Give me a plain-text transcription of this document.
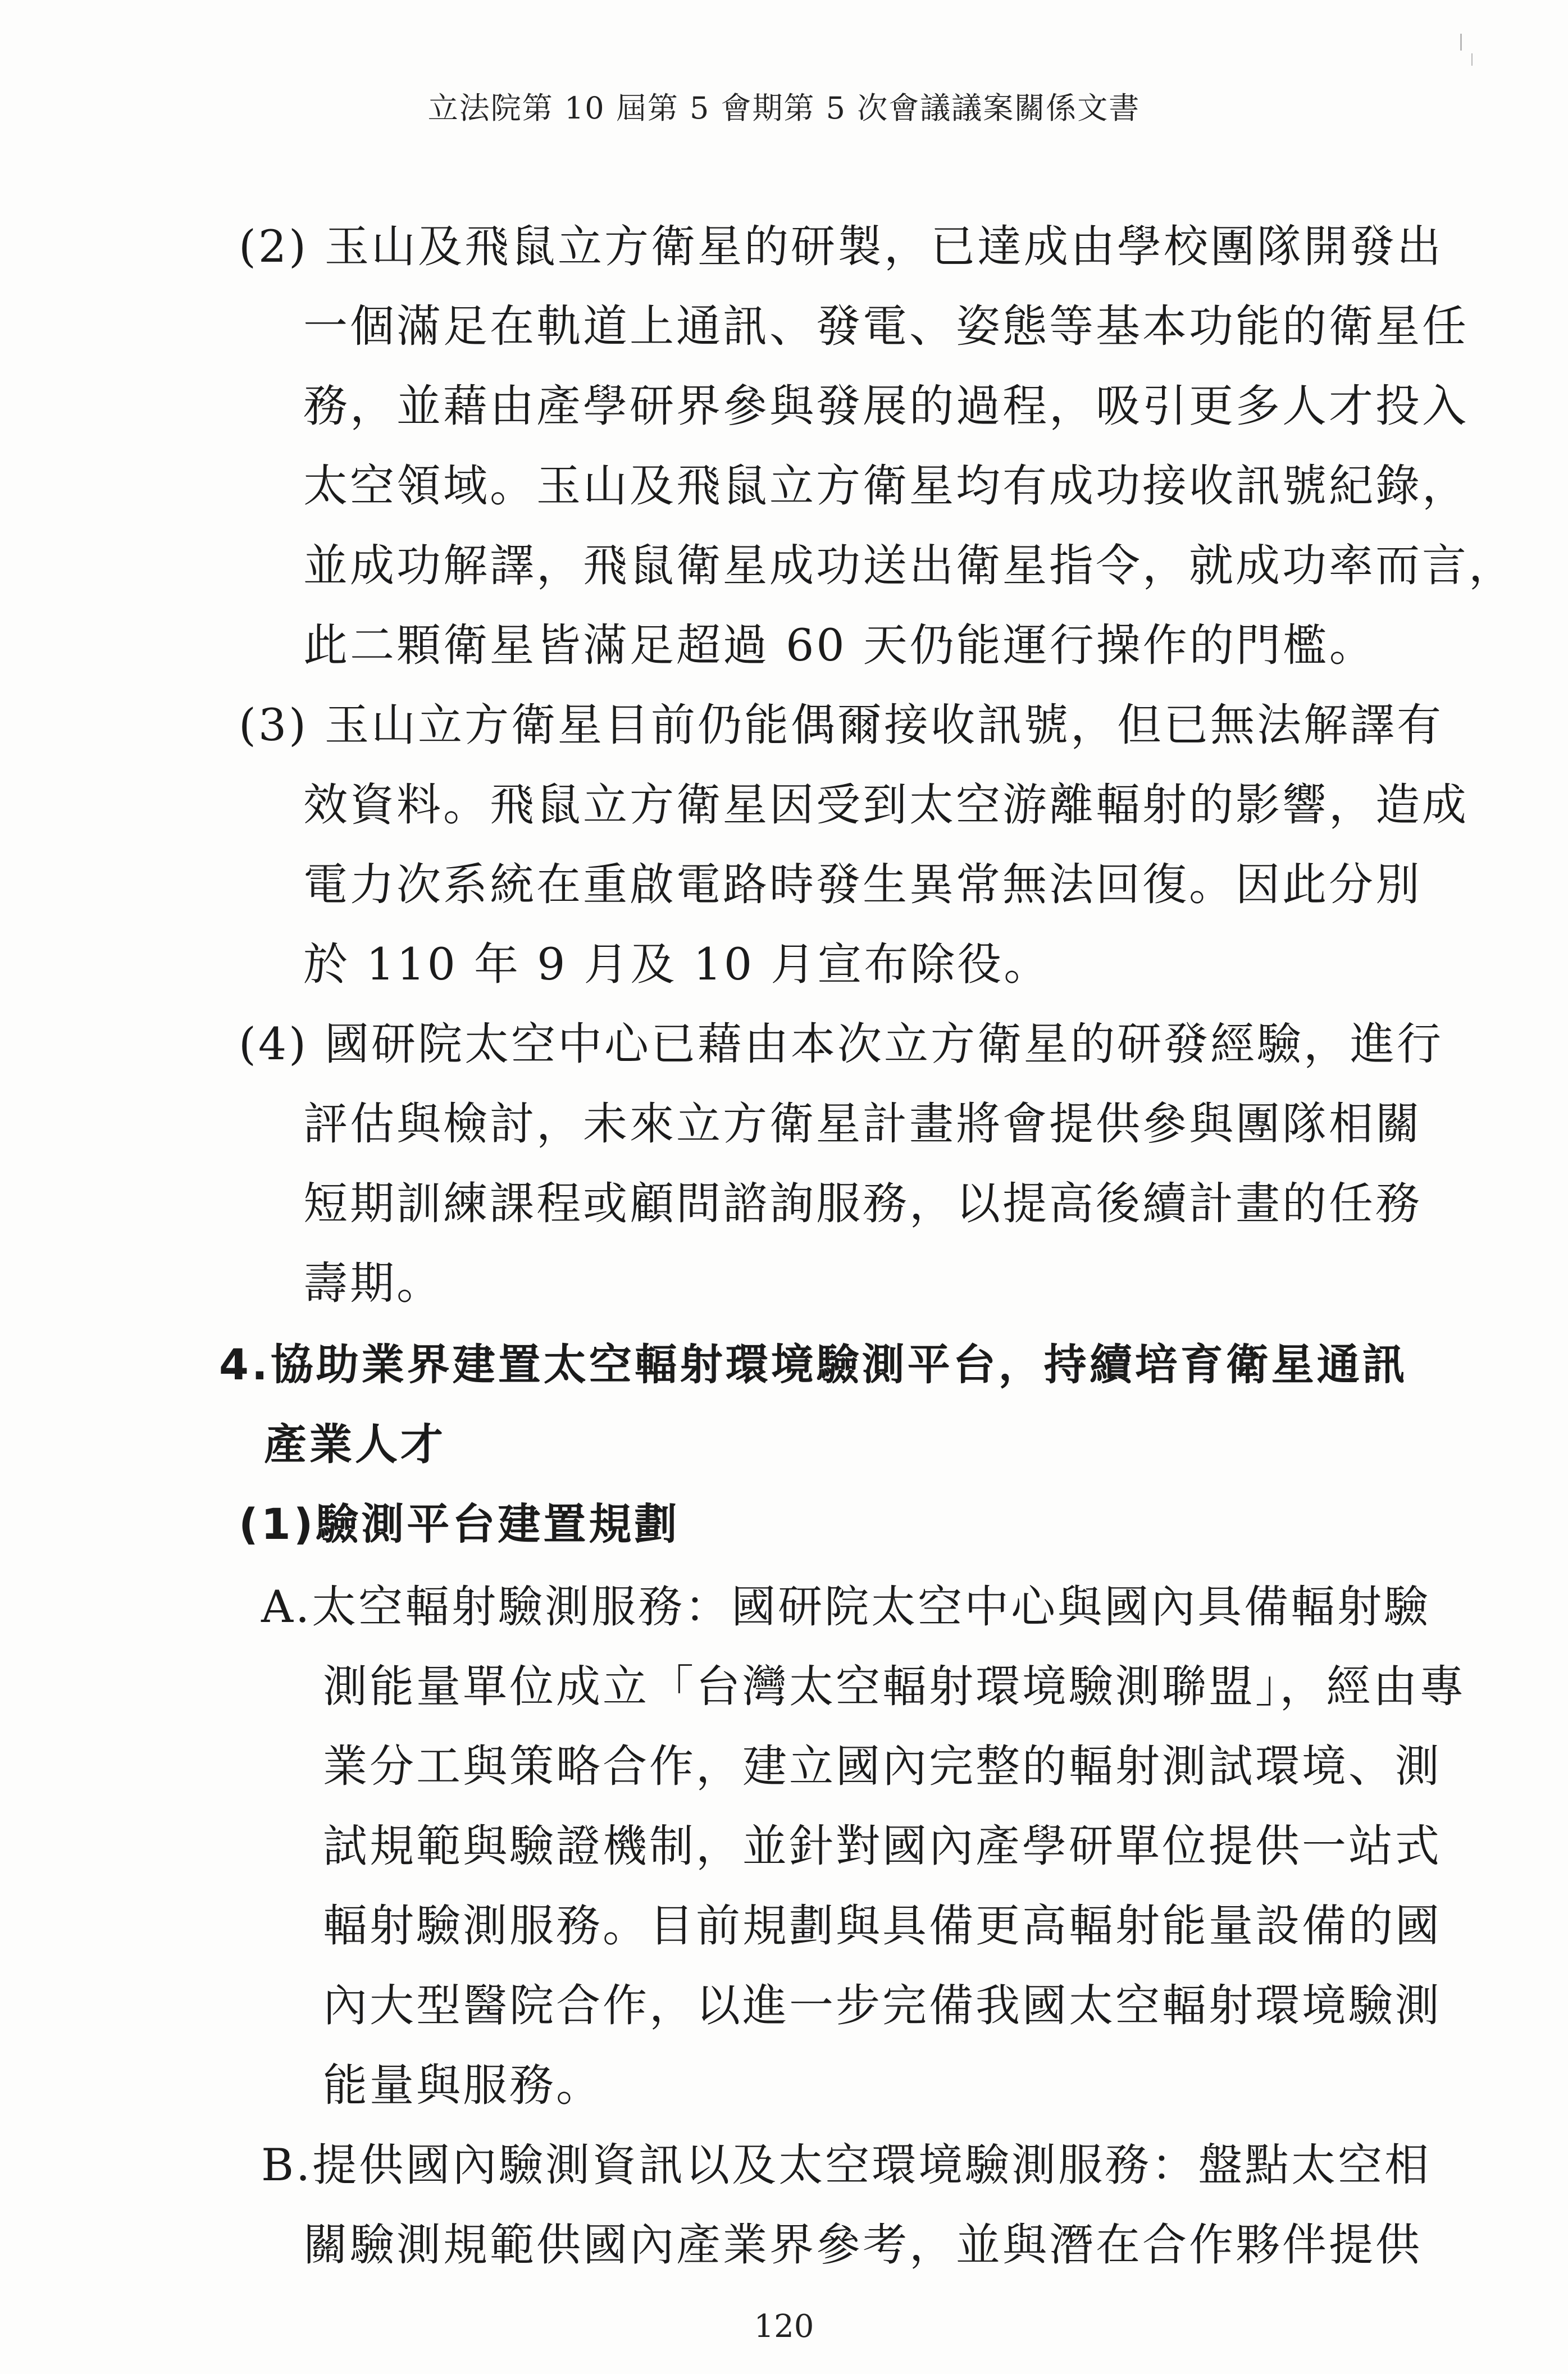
立法院第 10 屆第 5 會期第 5 次會議議案關係文書
(2) 玉山及飛鼠立方衛星的研製，已達成由學校團隊開發出
一個滿足在軌道上通訊、發電、姿態等基本功能的衛星任
務，並藉由產學研界參與發展的過程，吸引更多人才投入
太空領域。玉山及飛鼠立方衛星均有成功接收訊號紀錄，
並成功解譯，飛鼠衛星成功送出衛星指令，就成功率而言，
此二顆衛星皆滿足超過 60 天仍能運行操作的門檻。
(3) 玉山立方衛星目前仍能偶爾接收訊號，但已無法解譯有
效資料。飛鼠立方衛星因受到太空游離輻射的影響，造成
電力次系統在重啟電路時發生異常無法回復。因此分別
於 110 年 9 月及 10 月宣布除役。
(4) 國研院太空中心已藉由本次立方衛星的研發經驗，進行
評估與檢討，未來立方衛星計畫將會提供參與團隊相關
短期訓練課程或顧問諮詢服務，以提高後續計畫的任務
壽期。
4.協助業界建置太空輻射環境驗測平台，持續培育衛星通訊
產業人才
(1)驗測平台建置規劃
A.太空輻射驗測服務：國研院太空中心與國內具備輻射驗
測能量單位成立「台灣太空輻射環境驗測聯盟」，經由專
業分工與策略合作，建立國內完整的輻射測試環境、測
試規範與驗證機制，並針對國內產學研單位提供一站式
輻射驗測服務。目前規劃與具備更高輻射能量設備的國
內大型醫院合作，以進一步完備我國太空輻射環境驗測
能量與服務。
B.提供國內驗測資訊以及太空環境驗測服務：盤點太空相
關驗測規範供國內產業界參考，並與潛在合作夥伴提供
120
